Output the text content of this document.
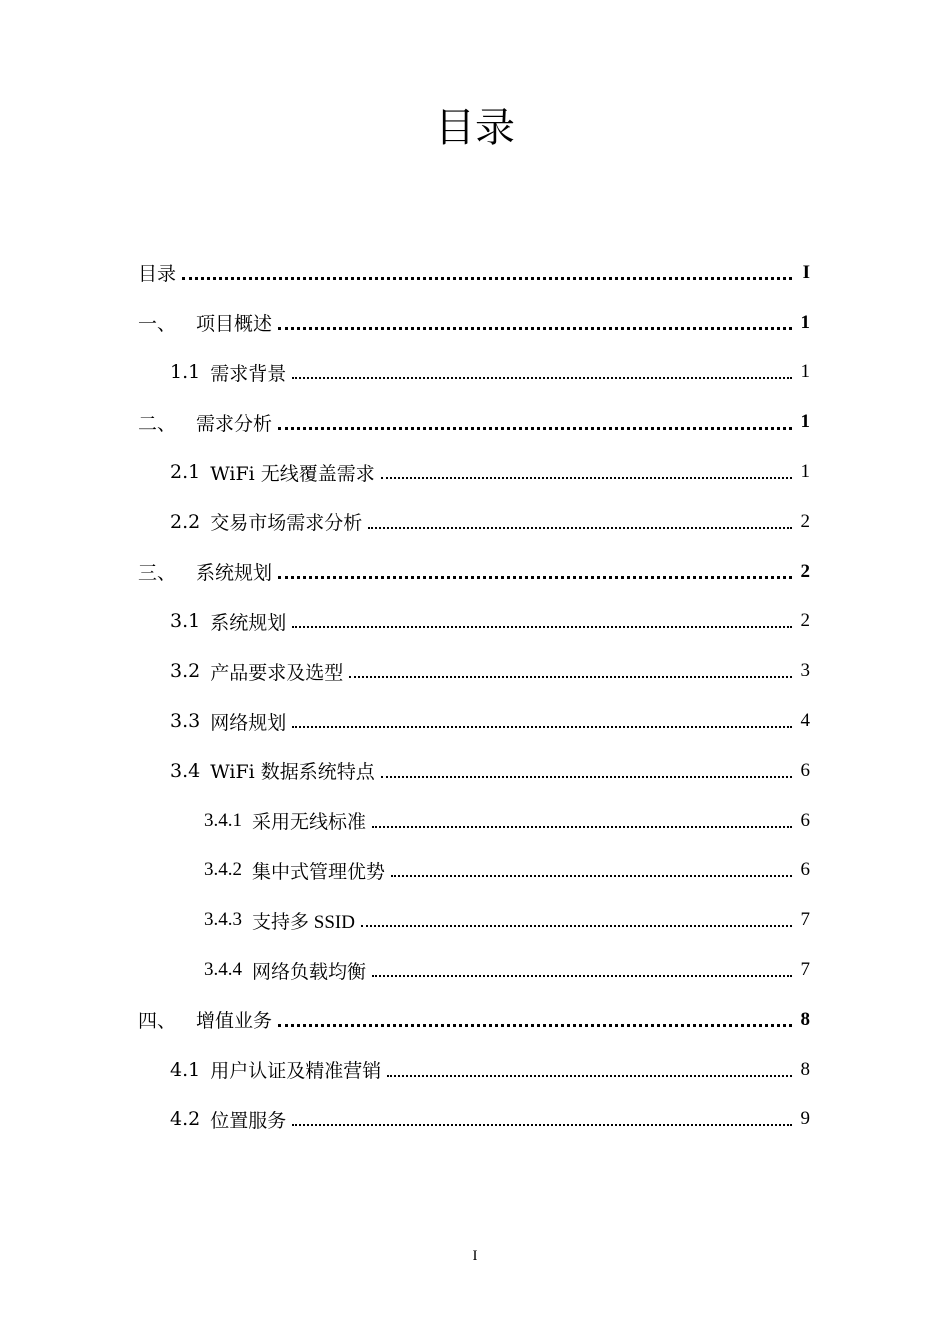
目录
目录	I
一、 项目概述	1
1.1 需求背景	1
二、 需求分析	1
2.1 WiFi 无线覆盖需求	1
2.2 交易市场需求分析	2
三、 系统规划	2
3.1 系统规划	2
3.2 产品要求及选型	3
3.3 网络规划	4
3.4 WiFi 数据系统特点	6
3.4.1 采用无线标准	6
3.4.2 集中式管理优势	6
3.4.3 支持多 SSID	7
3.4.4 网络负载均衡	7
四、 增值业务	8
4.1 用户认证及精准营销	8
4.2 位置服务	9
I
